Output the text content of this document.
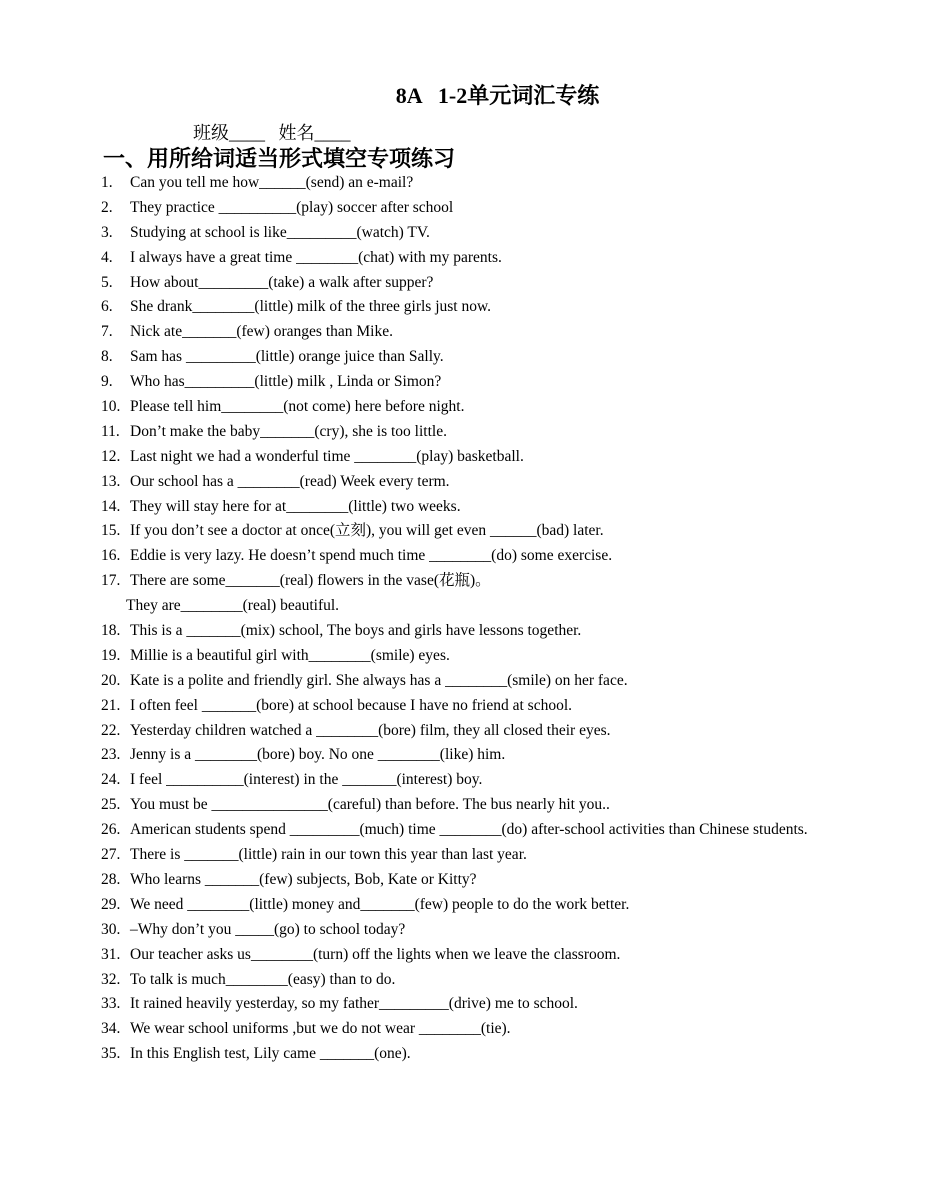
8A   1-2单元词汇专练
班级____   姓名____
一、用所给词适当形式填空专项练习
1. Can you tell me how______(send) an e-mail?
2. They practice __________(play) soccer after school
3. Studying at school is like_________(watch) TV.
4. I always have a great time ________(chat) with my parents.
5. How about_________(take) a walk after supper?
6. She drank________(little) milk of the three girls just now.
7. Nick ate_______(few) oranges than Mike.
8. Sam has _________(little) orange juice than Sally.
9. Who has_________(little) milk , Linda or Simon?
10. Please tell him________(not come) here before night.
11. Don’t make the baby_______(cry), she is too little.
12. Last night we had a wonderful time ________(play) basketball.
13. Our school has a ________(read) Week every term.
14. They will stay here for at________(little) two weeks.
15. If you don’t see a doctor at once(立刻), you will get even ______(bad) later.
16. Eddie is very lazy. He doesn’t spend much time ________(do) some exercise.
17. There are some_______(real) flowers in the vase(花瓶)。
They are________(real) beautiful.
18. This is a _______(mix) school, The boys and girls have lessons together.
19. Millie is a beautiful girl with________(smile) eyes.
20. Kate is a polite and friendly girl. She always has a ________(smile) on her face.
21. I often feel _______(bore) at school because I have no friend at school.
22. Yesterday children watched a ________(bore) film, they all closed their eyes.
23. Jenny is a ________(bore) boy. No one ________(like) him.
24. I feel __________(interest) in the _______(interest) boy.
25. You must be _______________(careful) than before. The bus nearly hit you..
26. American students spend _________(much) time ________(do) after-school activities than Chinese students.
27. There is _______(little) rain in our town this year than last year.
28. Who learns _______(few) subjects, Bob, Kate or Kitty?
29. We need ________(little) money and_______(few) people to do the work better.
30. –Why don’t you _____(go) to school today?
31. Our teacher asks us________(turn) off the lights when we leave the classroom.
32. To talk is much________(easy) than to do.
33. It rained heavily yesterday, so my father_________(drive) me to school.
34. We wear school uniforms ,but we do not wear ________(tie).
35. In this English test, Lily came _______(one).
